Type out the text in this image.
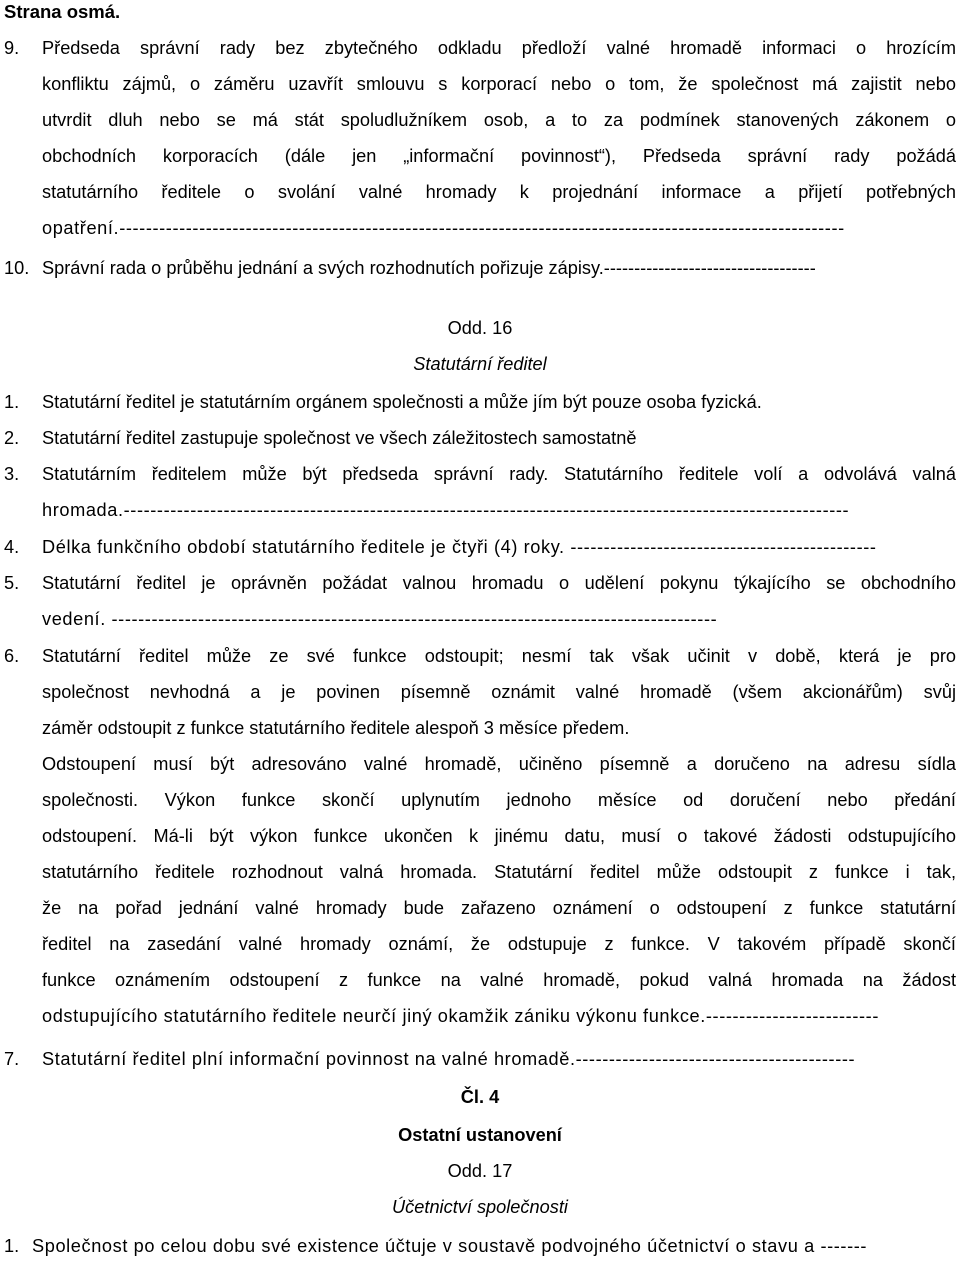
Strana osmá.
9. Předseda správní rady bez zbytečného odkladu předloží valné hromadě informaci o hrozícím
konfliktu zájmů, o záměru uzavřít smlouvu s korporací nebo o tom, že společnost má zajistit nebo
utvrdit dluh nebo se má stát spoludlužníkem osob, a to za podmínek stanovených zákonem o
obchodních korporacích (dále jen „informační povinnost“), Předseda správní rady požádá
statutárního ředitele o svolání valné hromady k projednání informace a přijetí potřebných
opatření.-------------------------------------------------------------------------------------------------------------
10. Správní rada o průběhu jednání a svých rozhodnutích pořizuje zápisy.-----------------------------------
Odd. 16
Statutární ředitel
1. Statutární ředitel je statutárním orgánem společnosti a může jím být pouze osoba fyzická.
2. Statutární ředitel zastupuje společnost ve všech záležitostech samostatně
3. Statutárním ředitelem může být předseda správní rady. Statutárního ředitele volí a odvolává valná
hromada.-------------------------------------------------------------------------------------------------------------
4. Délka funkčního období statutárního ředitele je čtyři (4) roky. ----------------------------------------------
5. Statutární ředitel je oprávněn požádat valnou hromadu o udělení pokynu týkajícího se obchodního
vedení. -------------------------------------------------------------------------------------------
6. Statutární ředitel může ze své funkce odstoupit; nesmí tak však učinit v době, která je pro
společnost nevhodná a je povinen písemně oznámit valné hromadě (všem akcionářům) svůj
záměr odstoupit z funkce statutárního ředitele alespoň 3 měsíce předem.
Odstoupení musí být adresováno valné hromadě, učiněno písemně a doručeno na adresu sídla
společnosti. Výkon funkce skončí uplynutím jednoho měsíce od doručení nebo předání
odstoupení. Má-li být výkon funkce ukončen k jinému datu, musí o takové žádosti odstupujícího
statutárního ředitele rozhodnout valná hromada. Statutární ředitel může odstoupit z funkce i tak,
že na pořad jednání valné hromady bude zařazeno oznámení o odstoupení z funkce statutární
ředitel na zasedání valné hromady oznámí, že odstupuje z funkce. V takovém případě skončí
funkce oznámením odstoupení z funkce na valné hromadě, pokud valná hromada na žádost
odstupujícího statutárního ředitele neurčí jiný okamžik zániku výkonu funkce.--------------------------
7. Statutární ředitel plní informační povinnost na valné hromadě.------------------------------------------
Čl. 4
Ostatní ustanovení
Odd. 17
Účetnictví společnosti
1. Společnost po celou dobu své existence účtuje v soustavě podvojného účetnictví o stavu a -------
